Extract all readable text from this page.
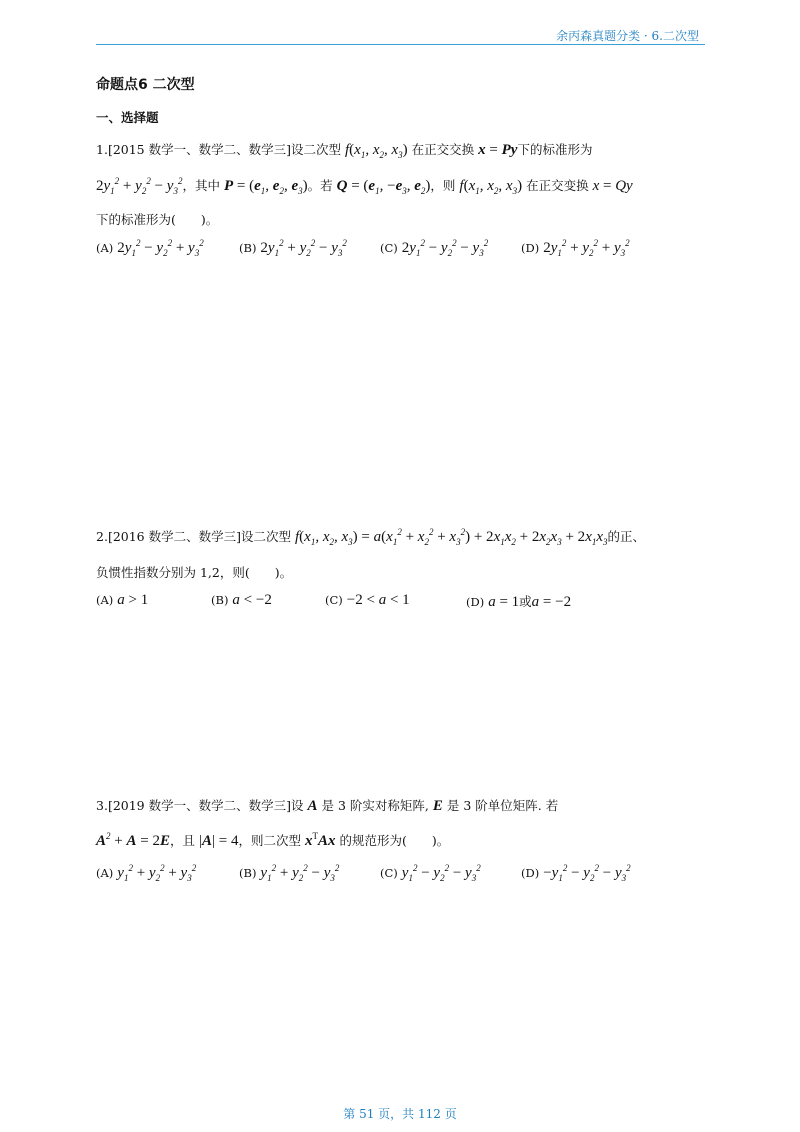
余丙森真题分类 · 6.二次型
命题点6 二次型
一、选择题
1.[2015 数学一、数学二、数学三]设二次型 $f(x_1$, $x_2$, $x_3$) 在正交交换 x = Py下的标准形为
$2y_1^2 + y_2^2 - y_3^2$，其中 $P = (e_1$, $e_2$, $e_3$)。若 $Q = (e_1$, $-e_3$, $e_2$)，则 $f(x_1$, $x_2$, $x_3$) 在正交变换 x = Qy
下的标准形为(　　)。
(A) $2y_1^2 - y_2^2 + y_3^2$	(B) $2y_1^2 + y_2^2 - y_3^2$	(C) $2y_1^2 - y_2^2 - y_3^2$	(D) $2y_1^2 + y_2^2 + y_3^2$
2.[2016 数学二、数学三]设二次型 $f(x_1$, $x_2$, $x_3) = a(x_1^2 + x_2^2 + x_3^2) + 2x_1x_2 + 2x_2x_3 + 2x_1x_3$的正、
负惯性指数分别为 1,2，则(　　)。
(A) a > 1	(B) a < −2	(C) −2 < a < 1	(D) a = 1或a = −2
3.[2019 数学一、数学二、数学三]设 A 是 3 阶实对称矩阵, E 是 3 阶单位矩阵. 若
$A^2 + A = 2E$，且 |A| = 4，则二次型 $x^TAx$ 的规范形为(　　)。
(A) $y_1^2 + y_2^2 + y_3^2$	(B) $y_1^2 + y_2^2 - y_3^2$	(C) $y_1^2 - y_2^2 - y_3^2$	$(D) -y_1^2 - y_2^2 - y_3^2$
第 51 页，共 112 页
